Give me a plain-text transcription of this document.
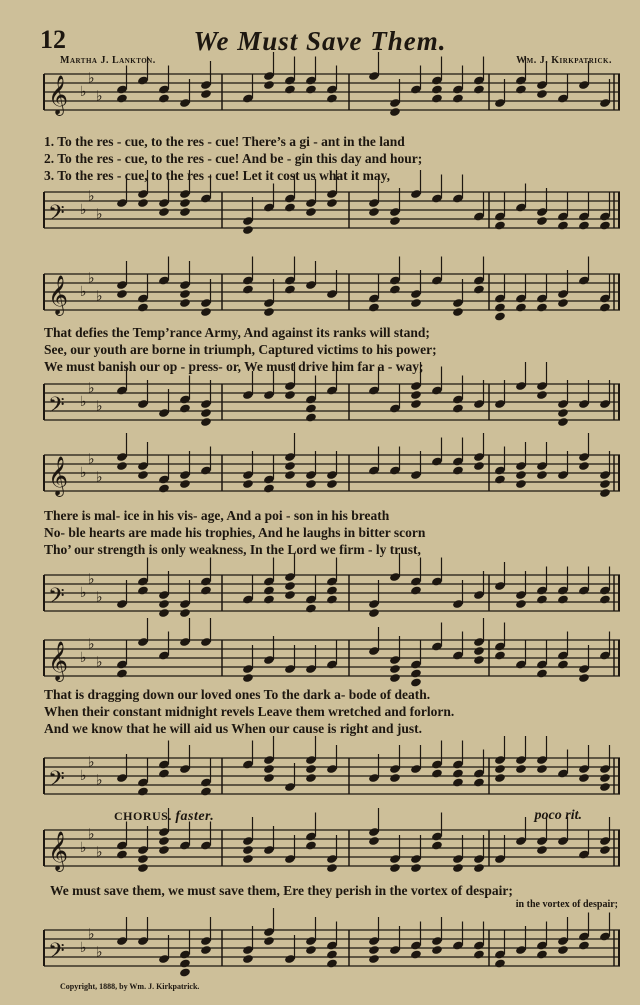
12	We Must Save Them.
Martha J. Lankton.	Wm. J. Kirkpatrick.
𝄞 ♭
♭
♭
1. To the res - cue, to the res - cue! There’s a gi - ant in the land
2. To the res - cue, to the res - cue! And be - gin this day and hour;
3. To the res - cue, to the res - cue! Let it cost us what it may,
𝄢 ♭
♭
♭
𝄞 ♭
♭
♭
That defies the Temp’rance Army, And against its ranks will stand;
See, our youth are borne in triumph, Captured victims to his power;
We must banish our op - press- or, We must drive him far a - way;
𝄢 ♭
♭
♭
𝄞 ♭
♭
♭
There is mal- ice in his vis- age, And a poi - son in his breath
No- ble hearts are made his trophies, And he laughs in bitter scorn
Tho’ our strength is only weakness, In the Lord we firm - ly trust,
𝄢 ♭
♭
♭
𝄞 ♭
♭
♭
That is dragging down our loved ones To the dark a- bode of death.
When their constant midnight revels Leave them wretched and forlorn.
And we know that he will aid us When our cause is right and just.
𝄢 ♭
♭
♭
CHORUS. faster.	poco rit.
𝄞 ♭
♭
♭
We must save them, we must save them, Ere they perish in the vortex of despair;
in the vortex of despair;
𝄢 ♭
♭
♭
Copyright, 1888, by Wm. J. Kirkpatrick.
